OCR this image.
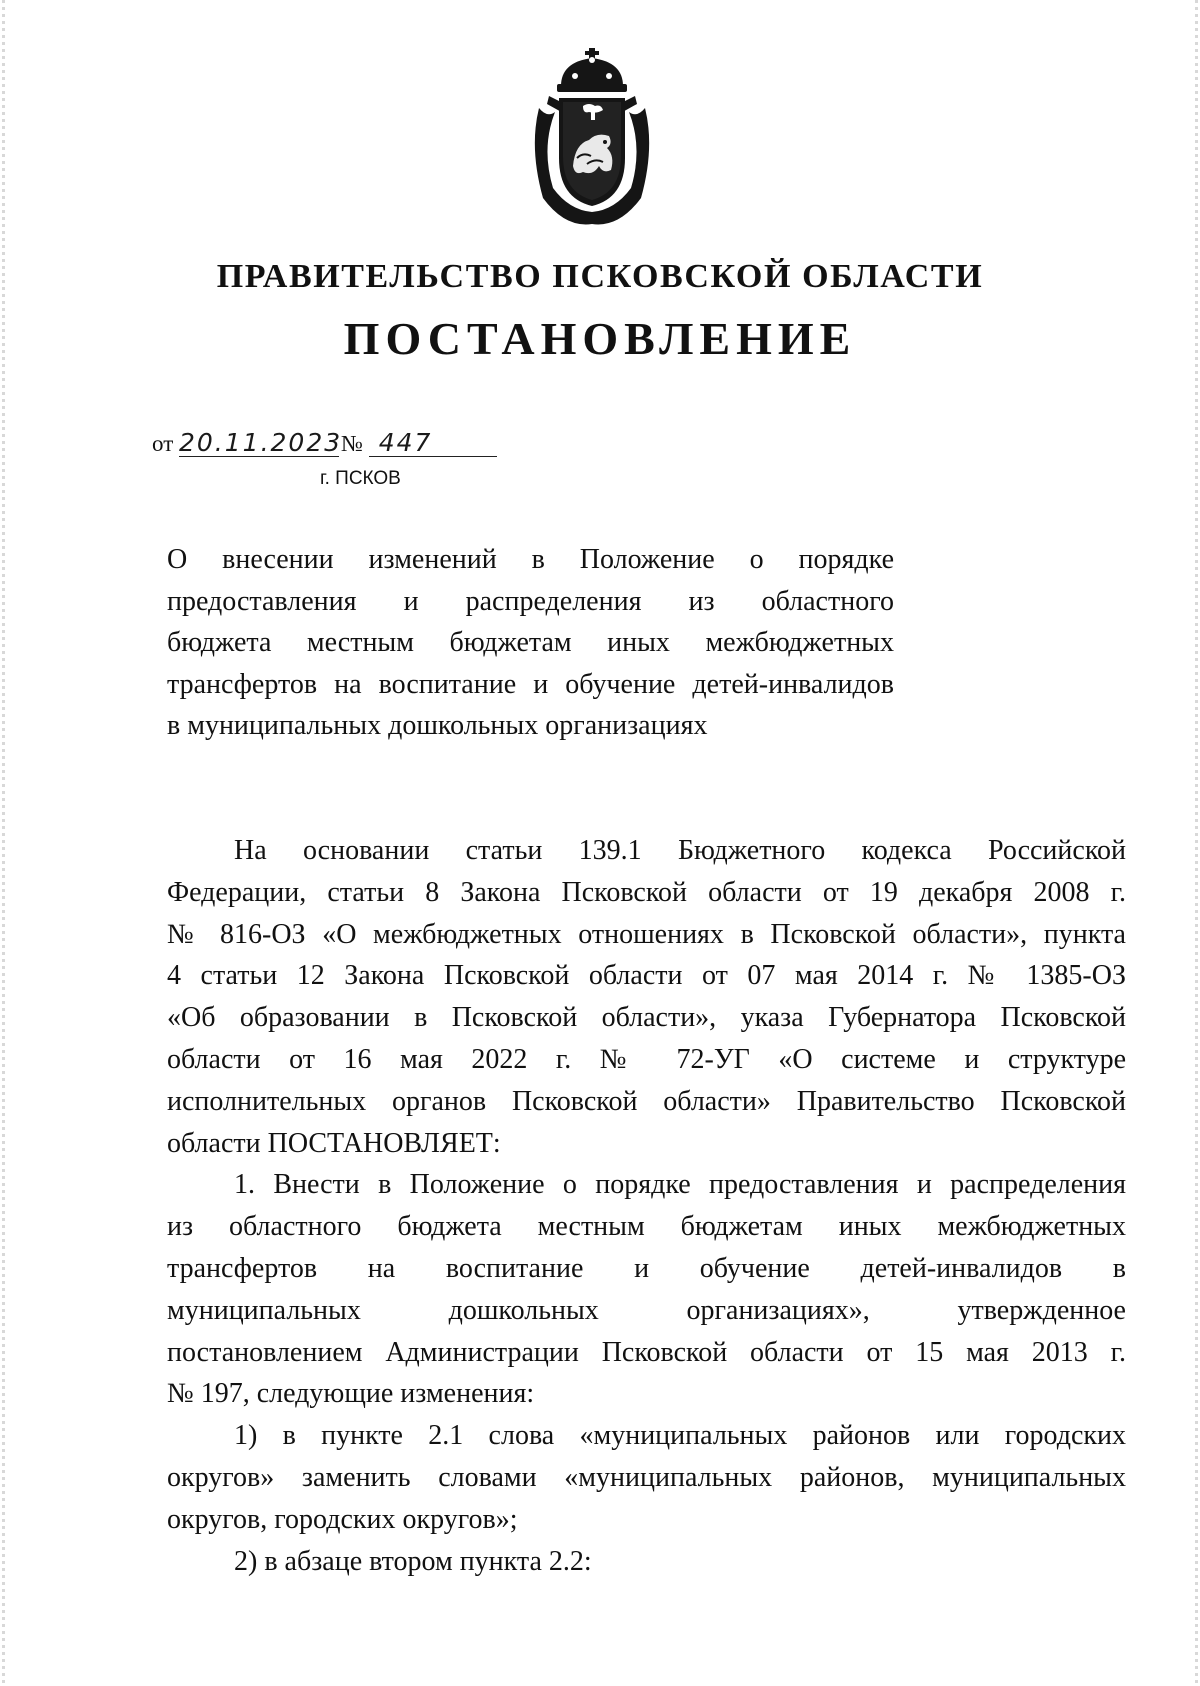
ПРАВИТЕЛЬСТВО ПСКОВСКОЙ ОБЛАСТИ
ПОСТАНОВЛЕНИЕ
от 20.11.2023№ 447
г. ПСКОВ
О внесении изменений в Положение о порядке
предоставления и распределения из областного
бюджета местным бюджетам иных межбюджетных
трансфертов на воспитание и обучение детей-инвалидов
в муниципальных дошкольных организациях
На основании статьи 139.1 Бюджетного кодекса Российской
Федерации, статьи 8 Закона Псковской области от 19 декабря 2008 г.
№ 816-ОЗ «О межбюджетных отношениях в Псковской области», пункта
4 статьи 12 Закона Псковской области от 07 мая 2014 г. № 1385-ОЗ
«Об образовании в Псковской области», указа Губернатора Псковской
области от 16 мая 2022 г. № 72-УГ «О системе и структуре
исполнительных органов Псковской области» Правительство Псковской
области ПОСТАНОВЛЯЕТ:
1. Внести в Положение о порядке предоставления и распределения
из областного бюджета местным бюджетам иных межбюджетных
трансфертов на воспитание и обучение детей-инвалидов в
муниципальных дошкольных организациях», утвержденное
постановлением Администрации Псковской области от 15 мая 2013 г.
№ 197, следующие изменения:
1) в пункте 2.1 слова «муниципальных районов или городских
округов» заменить словами «муниципальных районов, муниципальных
округов, городских округов»;
2) в абзаце втором пункта 2.2:
